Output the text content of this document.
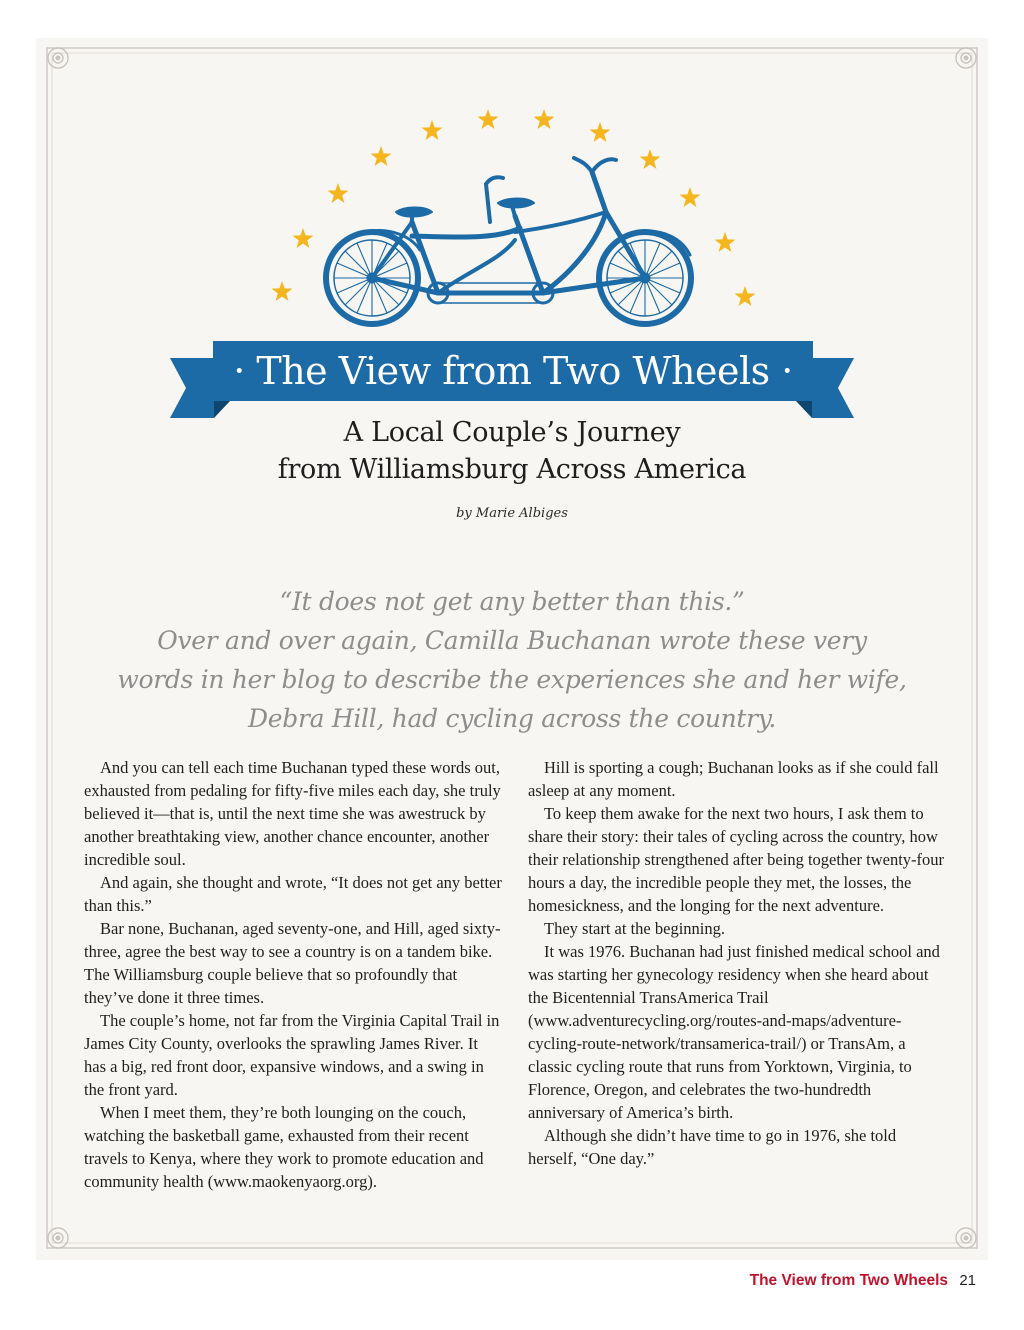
· The View from Two Wheels ·
A Local Couple’s Journey
from Williamsburg Across America
by Marie Albiges
“It does not get any better than this.”
Over and over again, Camilla Buchanan wrote these very
words in her blog to describe the experiences she and her wife,
Debra Hill, had cycling across the country.

And you can tell each time Buchanan typed these words out, exhausted from pedaling for fifty-five miles each day, she truly believed it—that is, until the next time she was awestruck by another breathtaking view, another chance encounter, another incredible soul.

And again, she thought and wrote, “It does not get any better than this.”

Bar none, Buchanan, aged seventy-one, and Hill, aged sixty-three, agree the best way to see a country is on a tandem bike. The Williamsburg couple believe that so profoundly that they’ve done it three times.

The couple’s home, not far from the Virginia Capital Trail in James City County, overlooks the sprawling James River. It has a big, red front door, expansive windows, and a swing in the front yard.

When I meet them, they’re both lounging on the couch, watching the basketball game, exhausted from their recent travels to Kenya, where they work to promote education and community health (www.maokenyaorg.org).

Hill is sporting a cough; Buchanan looks as if she could fall asleep at any moment.

To keep them awake for the next two hours, I ask them to share their story: their tales of cycling across the country, how their relationship strengthened after being together twenty-four hours a day, the incredible people they met, the losses, the homesickness, and the longing for the next adventure.

They start at the beginning.

It was 1976. Buchanan had just finished medical school and was starting her gynecology residency when she heard about the Bicentennial TransAmerica Trail (www.adventurecycling.org/routes-and-maps/adventure-cycling-route-network/transamerica-trail/) or TransAm, a classic cycling route that runs from Yorktown, Virginia, to Florence, Oregon, and celebrates the two-hundredth anniversary of America’s birth.

Although she didn’t have time to go in 1976, she told herself, “One day.”

The View from Two Wheels 21
